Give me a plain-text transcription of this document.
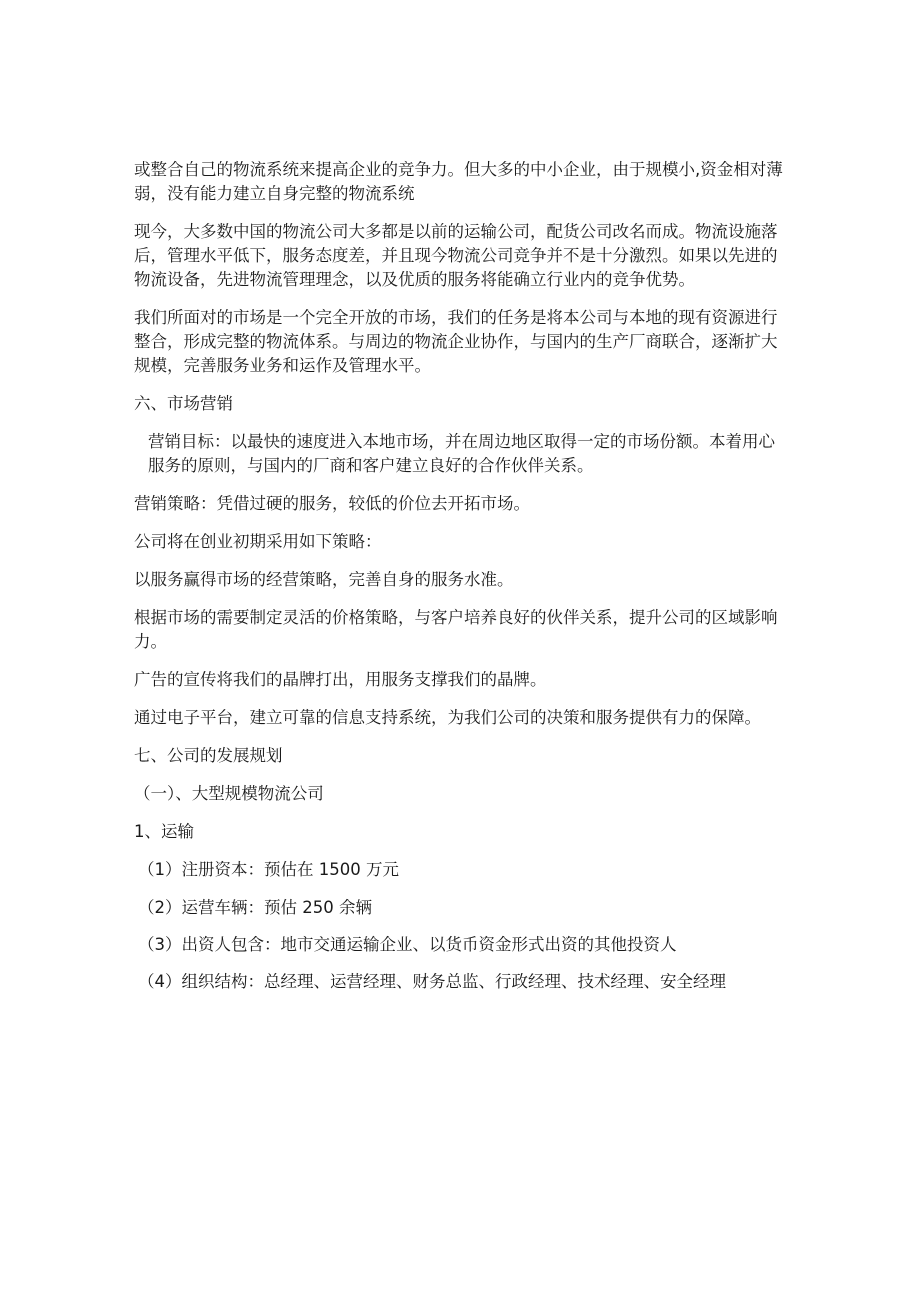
或整合自己的物流系统来提高企业的竞争力。但大多的中小企业，由于规模小,资金相对薄弱，没有能力建立自身完整的物流系统

现今，大多数中国的物流公司大多都是以前的运输公司，配货公司改名而成。物流设施落后，管理水平低下，服务态度差，并且现今物流公司竞争并不是十分激烈。如果以先进的物流设备，先进物流管理理念，以及优质的服务将能确立行业内的竞争优势。

我们所面对的市场是一个完全开放的市场，我们的任务是将本公司与本地的现有资源进行整合，形成完整的物流体系。与周边的物流企业协作，与国内的生产厂商联合，逐渐扩大规模，完善服务业务和运作及管理水平。

六、市场营销

营销目标：以最快的速度进入本地市场，并在周边地区取得一定的市场份额。本着用心服务的原则，与国内的厂商和客户建立良好的合作伙伴关系。

营销策略：凭借过硬的服务，较低的价位去开拓市场。

公司将在创业初期采用如下策略：

以服务赢得市场的经营策略，完善自身的服务水准。

根据市场的需要制定灵活的价格策略，与客户培养良好的伙伴关系，提升公司的区域影响力。

广告的宣传将我们的晶牌打出，用服务支撑我们的晶牌。

通过电子平台，建立可靠的信息支持系统，为我们公司的决策和服务提供有力的保障。

七、公司的发展规划

（一）、大型规模物流公司

1、运输

（1）注册资本：预估在 1500 万元

（2）运营车辆：预估 250 余辆

（3）出资人包含：地市交通运输企业、以货币资金形式出资的其他投资人

（4）组织结构：总经理、运营经理、财务总监、行政经理、技术经理、安全经理
